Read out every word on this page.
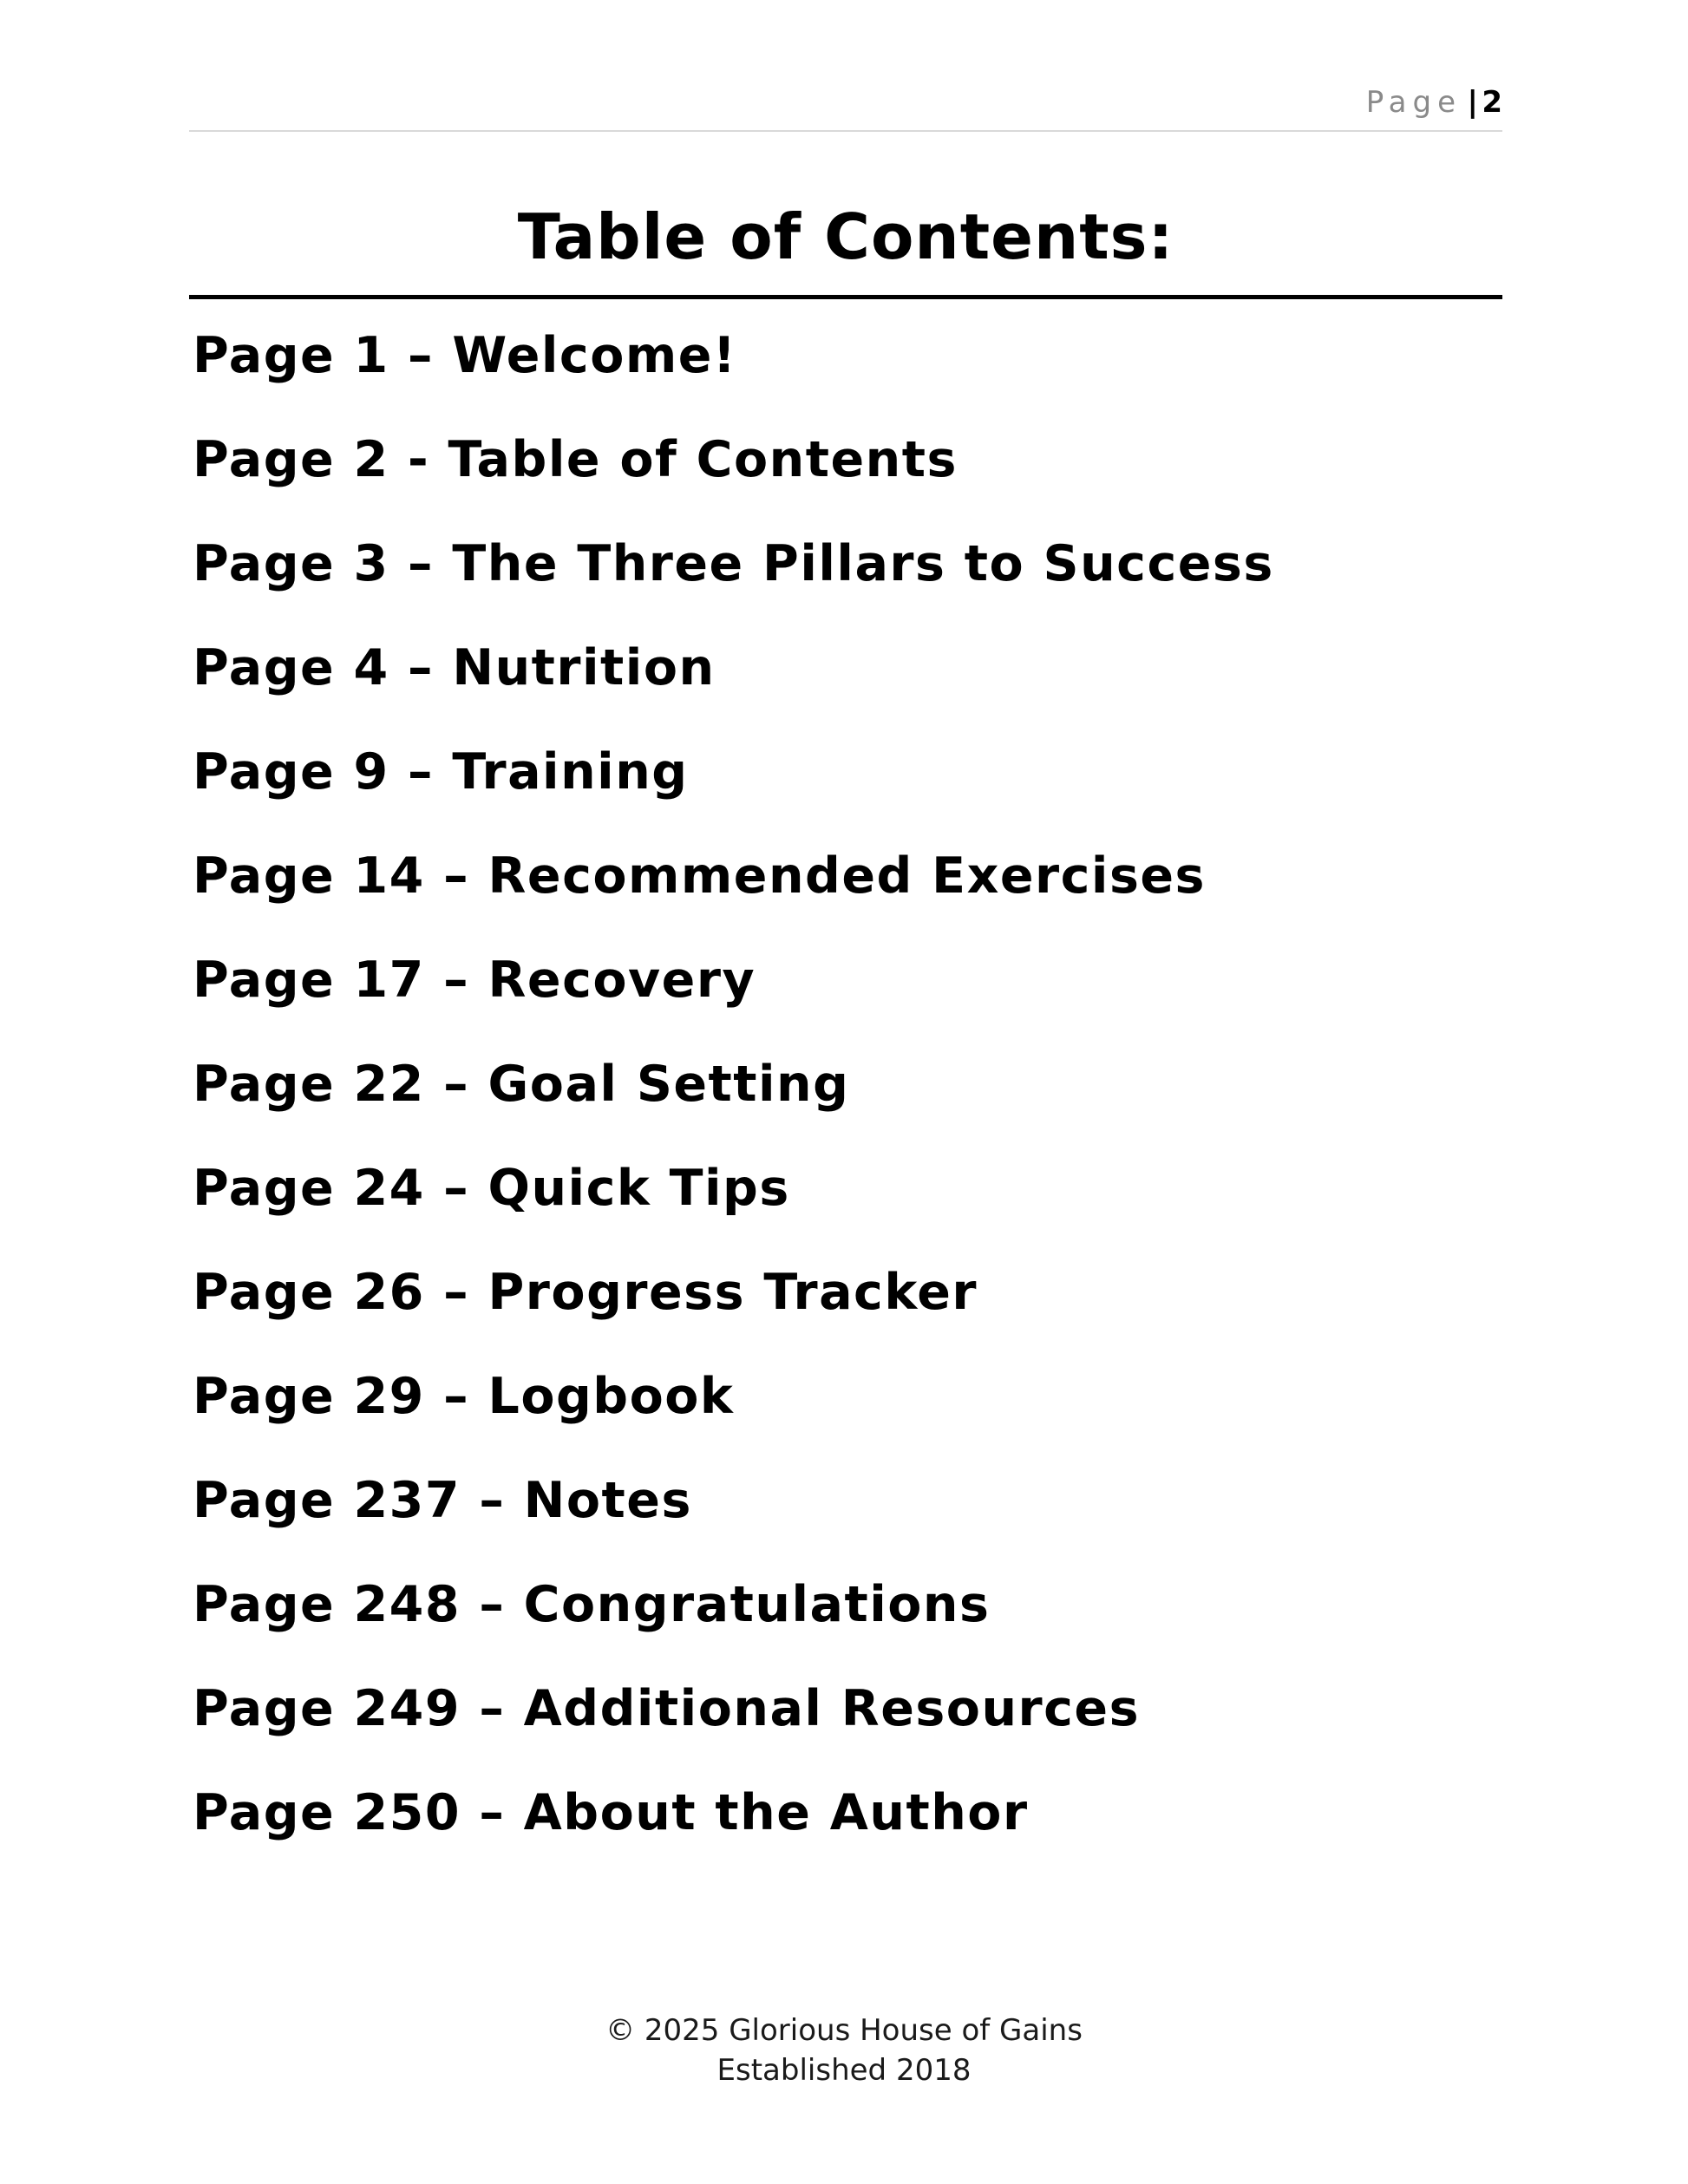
Page | 2
Table of Contents:
Page 1 – Welcome!
Page 2 - Table of Contents
Page 3 – The Three Pillars to Success
Page 4 – Nutrition
Page 9 – Training
Page 14 – Recommended Exercises
Page 17 – Recovery
Page 22 – Goal Setting
Page 24 – Quick Tips
Page 26 – Progress Tracker
Page 29 – Logbook
Page 237 – Notes
Page 248 – Congratulations
Page 249 – Additional Resources
Page 250 – About the Author
© 2025 Glorious House of Gains
Established 2018
